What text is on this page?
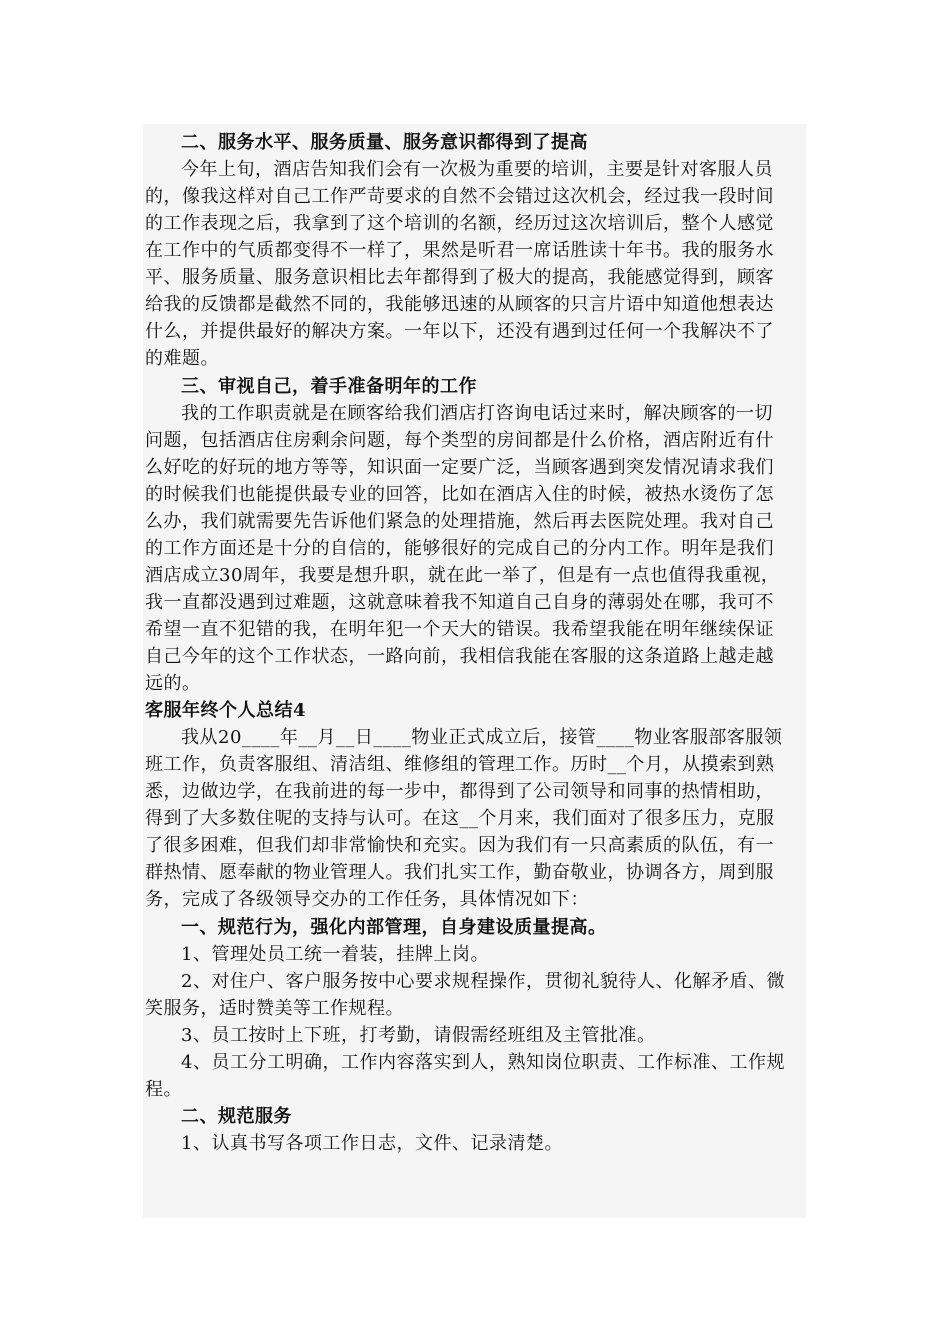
二、服务水平、服务质量、服务意识都得到了提高
今年上旬，酒店告知我们会有一次极为重要的培训，主要是针对客服人员
的，像我这样对自己工作严苛要求的自然不会错过这次机会，经过我一段时间
的工作表现之后，我拿到了这个培训的名额，经历过这次培训后，整个人感觉
在工作中的气质都变得不一样了，果然是听君一席话胜读十年书。我的服务水
平、服务质量、服务意识相比去年都得到了极大的提高，我能感觉得到，顾客
给我的反馈都是截然不同的，我能够迅速的从顾客的只言片语中知道他想表达
什么，并提供最好的解决方案。一年以下，还没有遇到过任何一个我解决不了
的难题。
三、审视自己，着手准备明年的工作
我的工作职责就是在顾客给我们酒店打咨询电话过来时，解决顾客的一切
问题，包括酒店住房剩余问题，每个类型的房间都是什么价格，酒店附近有什
么好吃的好玩的地方等等，知识面一定要广泛，当顾客遇到突发情况请求我们
的时候我们也能提供最专业的回答，比如在酒店入住的时候，被热水烫伤了怎
么办，我们就需要先告诉他们紧急的处理措施，然后再去医院处理。我对自己
的工作方面还是十分的自信的，能够很好的完成自己的分内工作。明年是我们
酒店成立30周年，我要是想升职，就在此一举了，但是有一点也值得我重视，
我一直都没遇到过难题，这就意味着我不知道自己自身的薄弱处在哪，我可不
希望一直不犯错的我，在明年犯一个天大的错误。我希望我能在明年继续保证
自己今年的这个工作状态，一路向前，我相信我能在客服的这条道路上越走越
远的。
客服年终个人总结4
我从20____年__月__日____物业正式成立后，接管____物业客服部客服领
班工作，负责客服组、清洁组、维修组的管理工作。历时__个月，从摸索到熟
悉，边做边学，在我前进的每一步中，都得到了公司领导和同事的热情相助，
得到了大多数住呢的支持与认可。在这__个月来，我们面对了很多压力，克服
了很多困难，但我们却非常愉快和充实。因为我们有一只高素质的队伍，有一
群热情、愿奉献的物业管理人。我们扎实工作，勤奋敬业，协调各方，周到服
务，完成了各级领导交办的工作任务，具体情况如下：
一、规范行为，强化内部管理，自身建设质量提高。
1、管理处员工统一着装，挂牌上岗。
2、对住户、客户服务按中心要求规程操作，贯彻礼貌待人、化解矛盾、微
笑服务，适时赞美等工作规程。
3、员工按时上下班，打考勤，请假需经班组及主管批准。
4、员工分工明确，工作内容落实到人，熟知岗位职责、工作标准、工作规
程。
二、规范服务
1、认真书写各项工作日志，文件、记录清楚。
